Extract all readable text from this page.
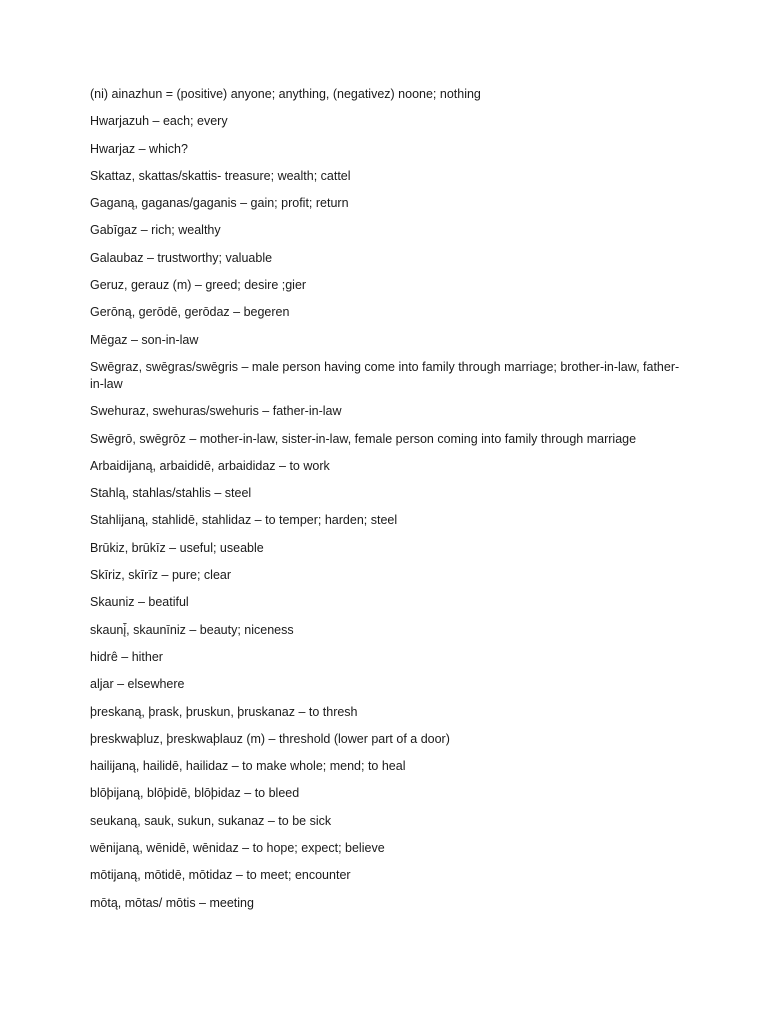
(ni) ainazhun = (positive) anyone; anything, (negativez) noone; nothing
Hwarjazuh – each; every
Hwarjaz – which?
Skattaz, skattas/skattis- treasure; wealth; cattel
Gaganą, gaganas/gaganis – gain; profit; return
Gabīgaz – rich; wealthy
Galaubaz – trustworthy; valuable
Geruz, gerauz (m) – greed; desire ;gier
Gerōną, gerōdē, gerōdaz – begeren
Mēgaz – son-in-law
Swēgraz, swēgras/swēgris – male person having come into family through marriage; brother-in-law, father-in-law
Swehuraz, swehuras/swehuris – father-in-law
Swēgrō, swēgrōz – mother-in-law, sister-in-law, female person coming into family through marriage
Arbaidijaną, arbaididē, arbaididaz – to work
Stahlą, stahlas/stahlis – steel
Stahlijaną, stahlidē, stahlidaz – to temper; harden; steel
Brūkiz, brūkīz – useful; useable
Skīriz, skīrīz – pure; clear
Skauniz – beatiful
skaunį̄, skaunīniz – beauty; niceness
hidrê – hither
aljar – elsewhere
þreskaną, þrask, þruskun, þruskanaz – to thresh
þreskwaþluz, þreskwaþlauz (m) – threshold (lower part of a door)
hailijaną, hailidē, hailidaz – to make whole; mend; to heal
blōþijaną, blōþidē, blōþidaz – to bleed
seukaną, sauk, sukun, sukanaz – to be sick
wēnijaną, wēnidē, wēnidaz – to hope; expect; believe
mōtijaną, mōtidē, mōtidaz – to meet; encounter
mōtą, mōtas/ mōtis – meeting
